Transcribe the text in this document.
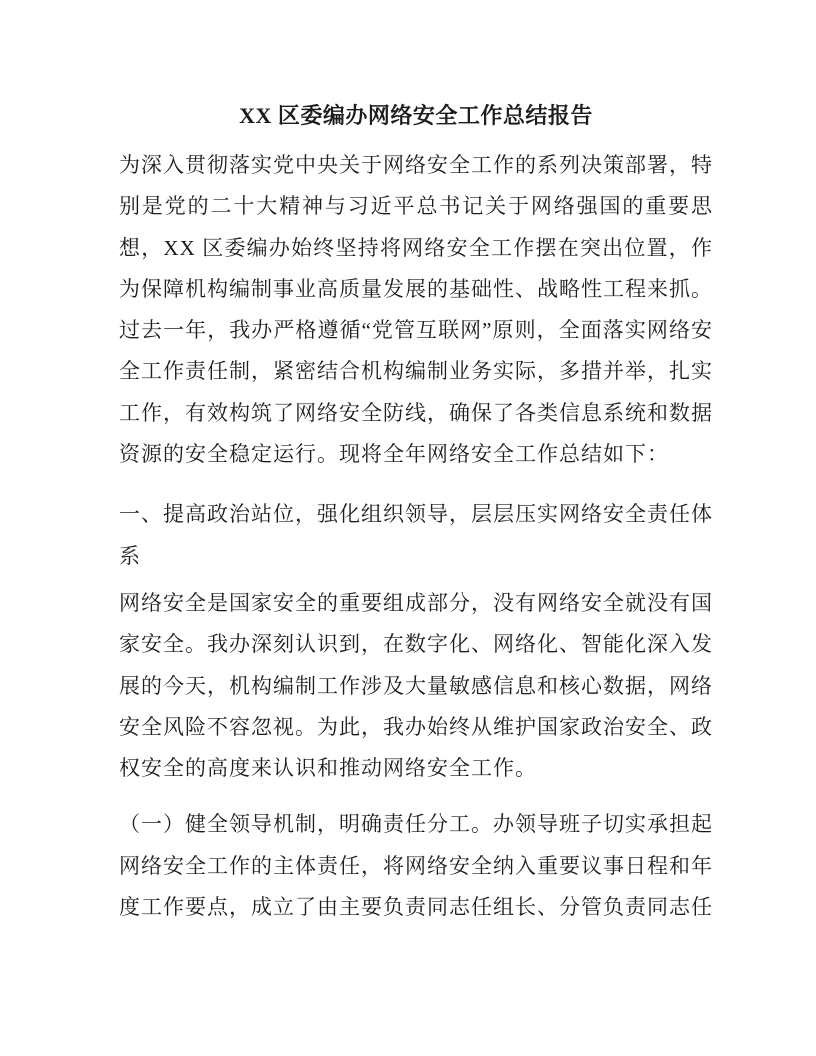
XX 区委编办网络安全工作总结报告

为深入贯彻落实党中央关于网络安全工作的系列决策部署，特别是党的二十大精神与习近平总书记关于网络强国的重要思想，XX 区委编办始终坚持将网络安全工作摆在突出位置，作为保障机构编制事业高质量发展的基础性、战略性工程来抓。过去一年，我办严格遵循“党管互联网”原则，全面落实网络安全工作责任制，紧密结合机构编制业务实际，多措并举，扎实工作，有效构筑了网络安全防线，确保了各类信息系统和数据资源的安全稳定运行。现将全年网络安全工作总结如下：

一、提高政治站位，强化组织领导，层层压实网络安全责任体系

网络安全是国家安全的重要组成部分，没有网络安全就没有国家安全。我办深刻认识到，在数字化、网络化、智能化深入发展的今天，机构编制工作涉及大量敏感信息和核心数据，网络安全风险不容忽视。为此，我办始终从维护国家政治安全、政权安全的高度来认识和推动网络安全工作。

（一）健全领导机制，明确责任分工。办领导班子切实承担起网络安全工作的主体责任，将网络安全纳入重要议事日程和年度工作要点，成立了由主要负责同志任组长、分管负责同志任
